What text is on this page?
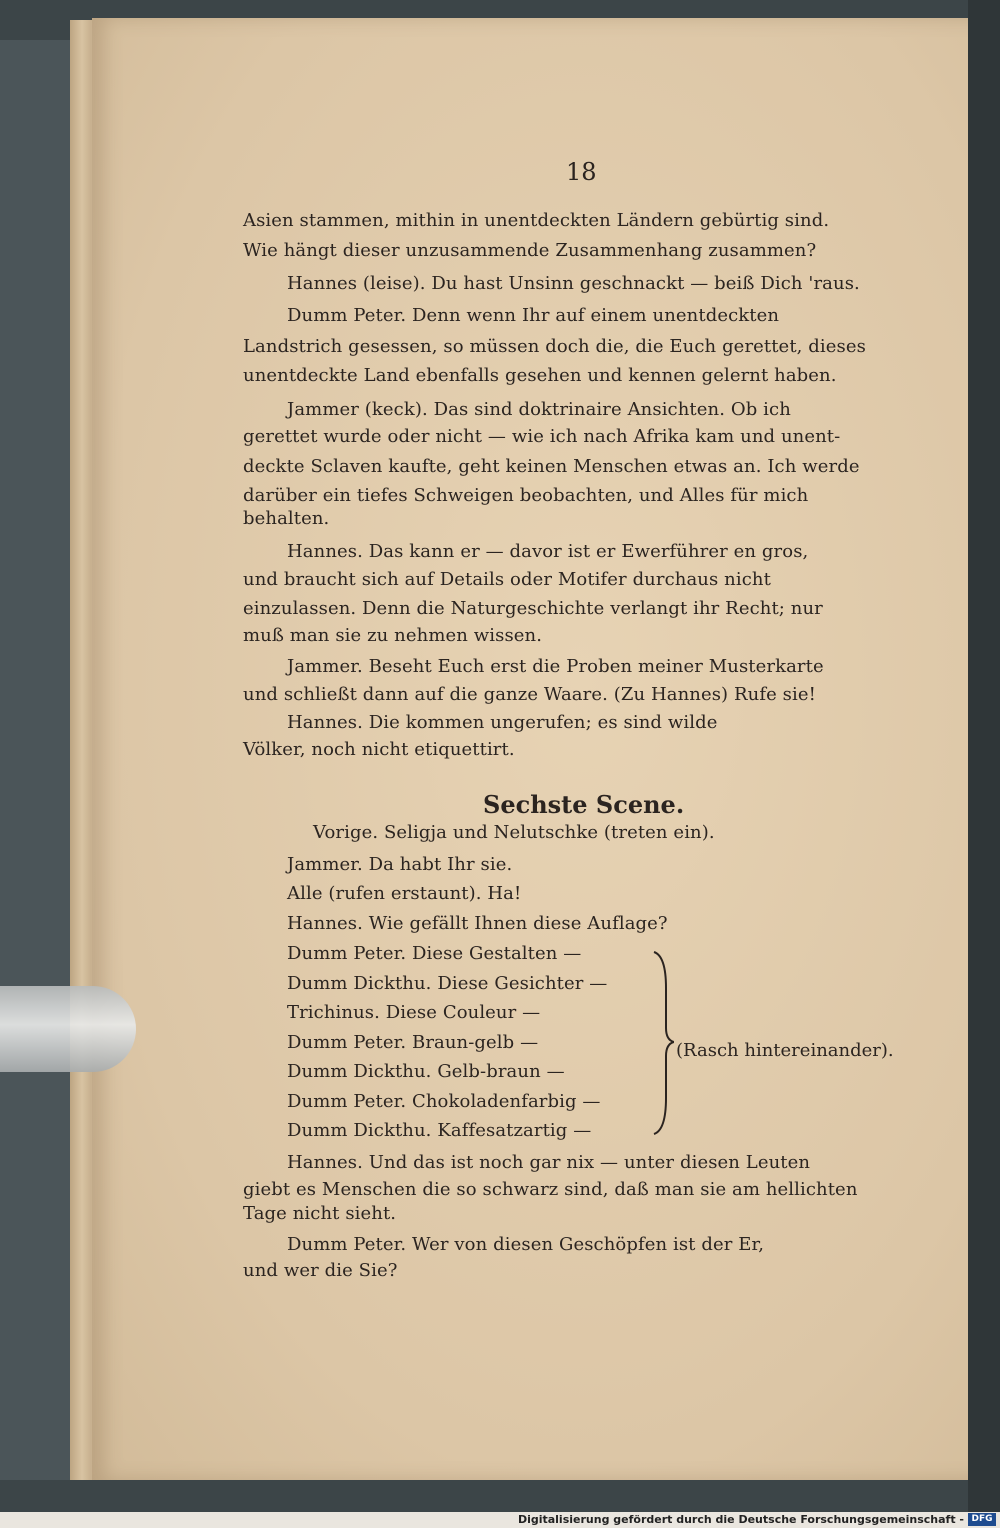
18
Asien stammen, mithin in unentdeckten Ländern gebürtig sind.
Wie hängt dieser unzusammende Zusammenhang zusammen?
Hannes (leise). Du hast Unsinn geschnackt — beiß Dich 'raus.
Dumm Peter. Denn wenn Ihr auf einem unentdeckten
Landstrich gesessen, so müssen doch die, die Euch gerettet, dieses
unentdeckte Land ebenfalls gesehen und kennen gelernt haben.
Jammer (keck). Das sind doktrinaire Ansichten. Ob ich
gerettet wurde oder nicht — wie ich nach Afrika kam und unent-
deckte Sclaven kaufte, geht keinen Menschen etwas an. Ich werde
darüber ein tiefes Schweigen beobachten, und Alles für mich
behalten.
Hannes. Das kann er — davor ist er Ewerführer en gros,
und braucht sich auf Details oder Motifer durchaus nicht
einzulassen. Denn die Naturgeschichte verlangt ihr Recht; nur
muß man sie zu nehmen wissen.
Jammer. Beseht Euch erst die Proben meiner Musterkarte
und schließt dann auf die ganze Waare. (Zu Hannes) Rufe sie!
Hannes. Die kommen ungerufen; es sind wilde
Völker, noch nicht etiquettirt.
Vorige. Seligja und Nelutschke (treten ein).
Jammer. Da habt Ihr sie.
Alle (rufen erstaunt). Ha!
Hannes. Wie gefällt Ihnen diese Auflage?
Dumm Peter. Diese Gestalten —
Dumm Dickthu. Diese Gesichter —
Trichinus. Diese Couleur —
Dumm Peter. Braun-gelb —
Dumm Dickthu. Gelb-braun —
Dumm Peter. Chokoladenfarbig —
Dumm Dickthu. Kaffesatzartig —
Hannes. Und das ist noch gar nix — unter diesen Leuten
giebt es Menschen die so schwarz sind, daß man sie am hellichten
Tage nicht sieht.
Dumm Peter. Wer von diesen Geschöpfen ist der Er,
und wer die Sie?
Sechste Scene.
(Rasch hintereinander).
Digitalisierung gefördert durch die Deutsche Forschungsgemeinschaft - DFG
